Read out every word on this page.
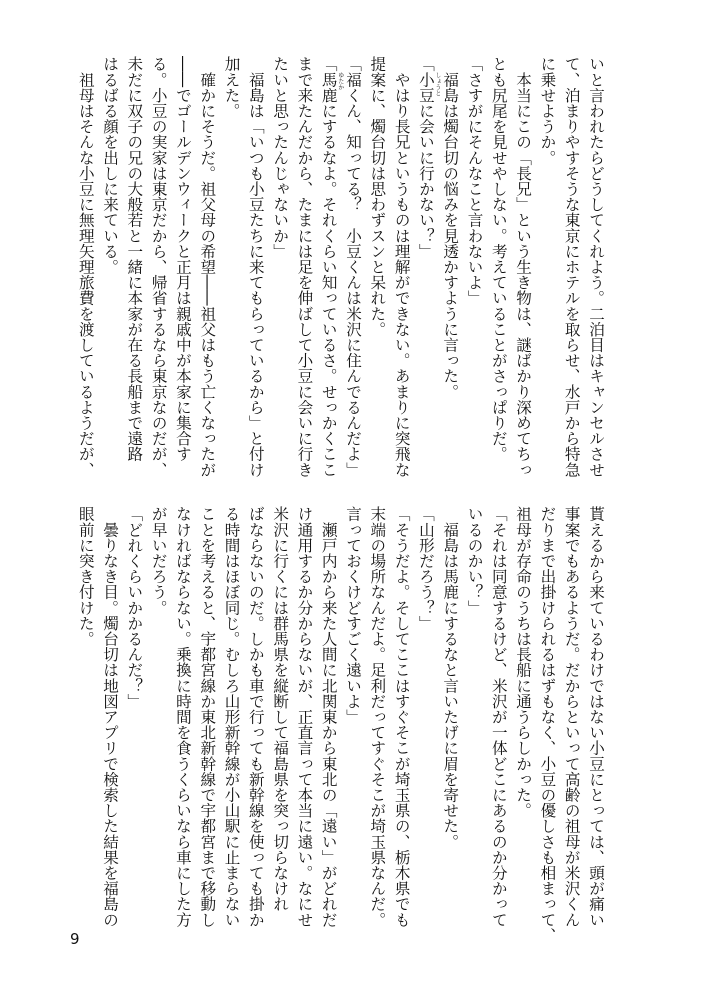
いと言われたらどうしてくれよう。二泊目はキャンセルさせ
て、泊まりやすそうな東京にホテルを取らせ、水戸から特急
に乗せようか。
　本当にこの「長兄」という生き物は、謎ばかり深めてちっ
とも尻尾を見せやしない。考えていることがさっぱりだ。
「さすがにそんなこと言わないよ」
　福島は燭台切の悩みを見透かすように言った。
しょうと
「小豆に会いに行かない？」
　やはり長兄というものは理解ができない。あまりに突飛な
提案に、燭台切は思わずスンと呆れた。
「福くん、知ってる？　小豆くんは米沢に住んでるんだよ」
ゆたか
「馬鹿にするなよ。それくらい知っているさ。せっかくここ
まで来たんだから、たまには足を伸ばして小豆に会いに行き
たいと思ったんじゃないか」
　福島は「いつも小豆たちに来てもらっているから」と付け
加えた。
　確かにそうだ。祖父母の希望――祖父はもう亡くなったが
――でゴールデンウィークと正月は親戚中が本家に集合す
る。小豆の実家は東京だから、帰省するなら東京なのだが、
未だに双子の兄の大般若と一緒に本家が在る長船まで遠路
はるばる顔を出しに来ている。
　祖母はそんな小豆に無理矢理旅費を渡しているようだが、
貰えるから来ているわけではない小豆にとっては、頭が痛い
事案でもあるようだ。だからといって高齢の祖母が米沢くん
だりまで出掛けられるはずもなく、小豆の優しさも相まって、
祖母が存命のうちは長船に通うらしかった。
「それは同意するけど、米沢が一体どこにあるのか分かって
いるのかい？」
　福島は馬鹿にするなと言いたげに眉を寄せた。
「山形だろう？」
「そうだよ。そしてここはすぐそこが埼玉県の、栃木県でも
末端の場所なんだよ。足利だってすぐそこが埼玉県なんだ。
言っておくけどすごく遠いよ」
　瀬戸内から来た人間に北関東から東北の「遠い」がどれだ
け通用するか分からないが、正直言って本当に遠い。なにせ
米沢に行くには群馬県を縦断して福島県を突っ切らなけれ
ばならないのだ。しかも車で行っても新幹線を使っても掛か
る時間はほぼ同じ。むしろ山形新幹線が小山駅に止まらない
ことを考えると、宇都宮線か東北新幹線で宇都宮まで移動し
なければならない。乗換に時間を食うくらいなら車にした方
が早いだろう。
「どれくらいかかるんだ？」
　曇りなき目。燭台切は地図アプリで検索した結果を福島の
眼前に突き付けた。
9
